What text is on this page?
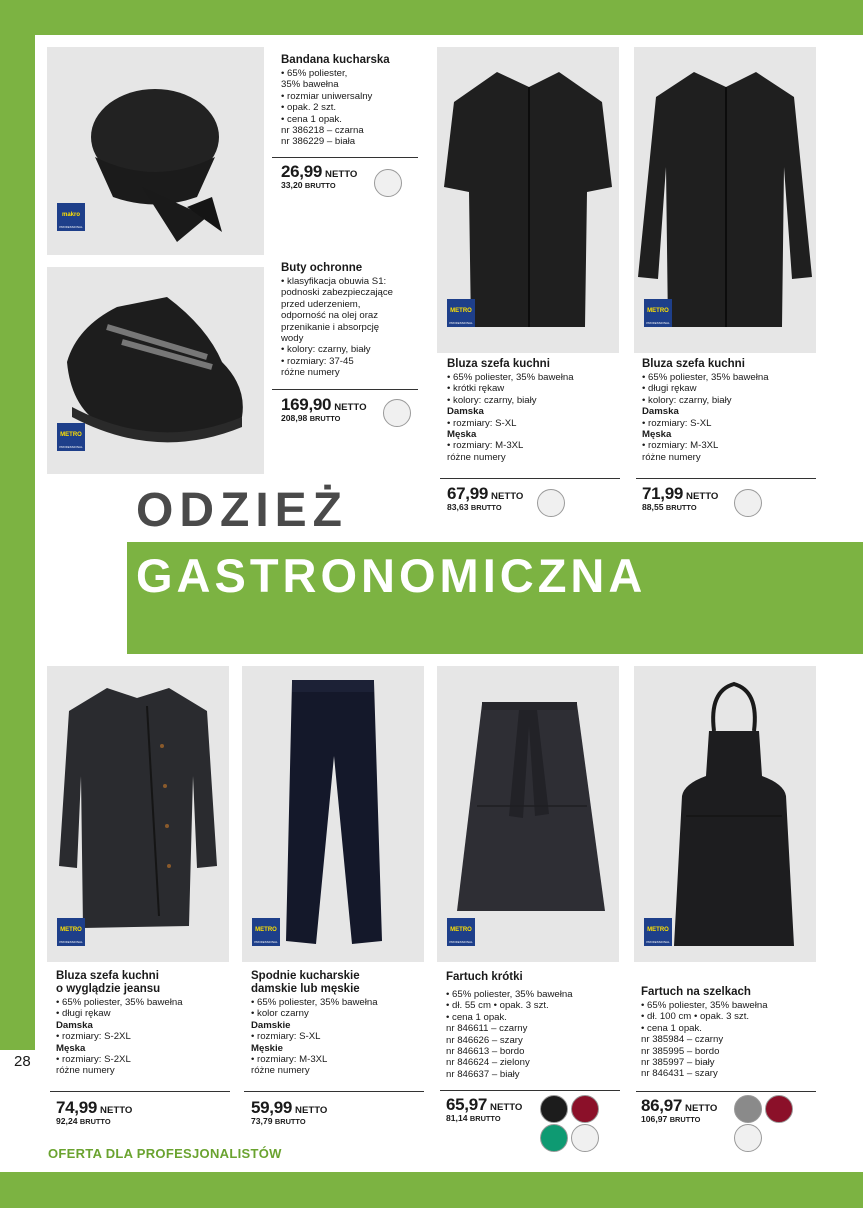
ODZIEŻ
GASTRONOMICZNA
makro
PROFESSIONAL
Bandana kucharska
• 65% poliester,
35% bawełna
• rozmiar uniwersalny
• opak. 2 szt.
• cena 1 opak.
nr 386218 – czarna
nr 386229 – biała
26,99 NETTO
33,20 BRUTTO
METRO
PROFESSIONAL
Buty ochronne
• klasyfikacja obuwia S1:
podnoski zabezpieczające
przed uderzeniem,
odporność na olej oraz
przenikanie i absorpcję
wody
• kolory: czarny, biały
• rozmiary: 37-45
różne numery
169,90 NETTO
208,98 BRUTTO
METRO
PROFESSIONAL
Bluza szefa kuchni
• 65% poliester, 35% bawełna
• krótki rękaw
• kolory: czarny, biały
Damska
• rozmiary: S-XL
Męska
• rozmiary: M-3XL
różne numery
67,99 NETTO
83,63 BRUTTO
METRO
PROFESSIONAL
Bluza szefa kuchni
• 65% poliester, 35% bawełna
• długi rękaw
• kolory: czarny, biały
Damska
• rozmiary: S-XL
Męska
• rozmiary: M-3XL
różne numery
71,99 NETTO
88,55 BRUTTO
METRO
PROFESSIONAL
Bluza szefa kuchni
o wyglądzie jeansu
• 65% poliester, 35% bawełna
• długi rękaw
Damska
• rozmiary: S-2XL
Męska
• rozmiary: S-2XL
różne numery
74,99 NETTO
92,24 BRUTTO
METRO
PROFESSIONAL
Spodnie kucharskie
damskie lub męskie
• 65% poliester, 35% bawełna
• kolor czarny
Damskie
• rozmiary: S-XL
Męskie
• rozmiary: M-3XL
różne numery
59,99 NETTO
73,79 BRUTTO
METRO
PROFESSIONAL
Fartuch krótki
• 65% poliester, 35% bawełna
• dł. 55 cm • opak. 3 szt.
• cena 1 opak.
nr 846611 – czarny
nr 846626 – szary
nr 846613 – bordo
nr 846624 – zielony
nr 846637 – biały
65,97 NETTO
81,14 BRUTTO
METRO
PROFESSIONAL
Fartuch na szelkach
• 65% poliester, 35% bawełna
• dł. 100 cm • opak. 3 szt.
• cena 1 opak.
nr 385984 – czarny
nr 385995 – bordo
nr 385997 – biały
nr 846431 – szary
86,97 NETTO
106,97 BRUTTO
28
OFERTA DLA PROFESJONALISTÓW
